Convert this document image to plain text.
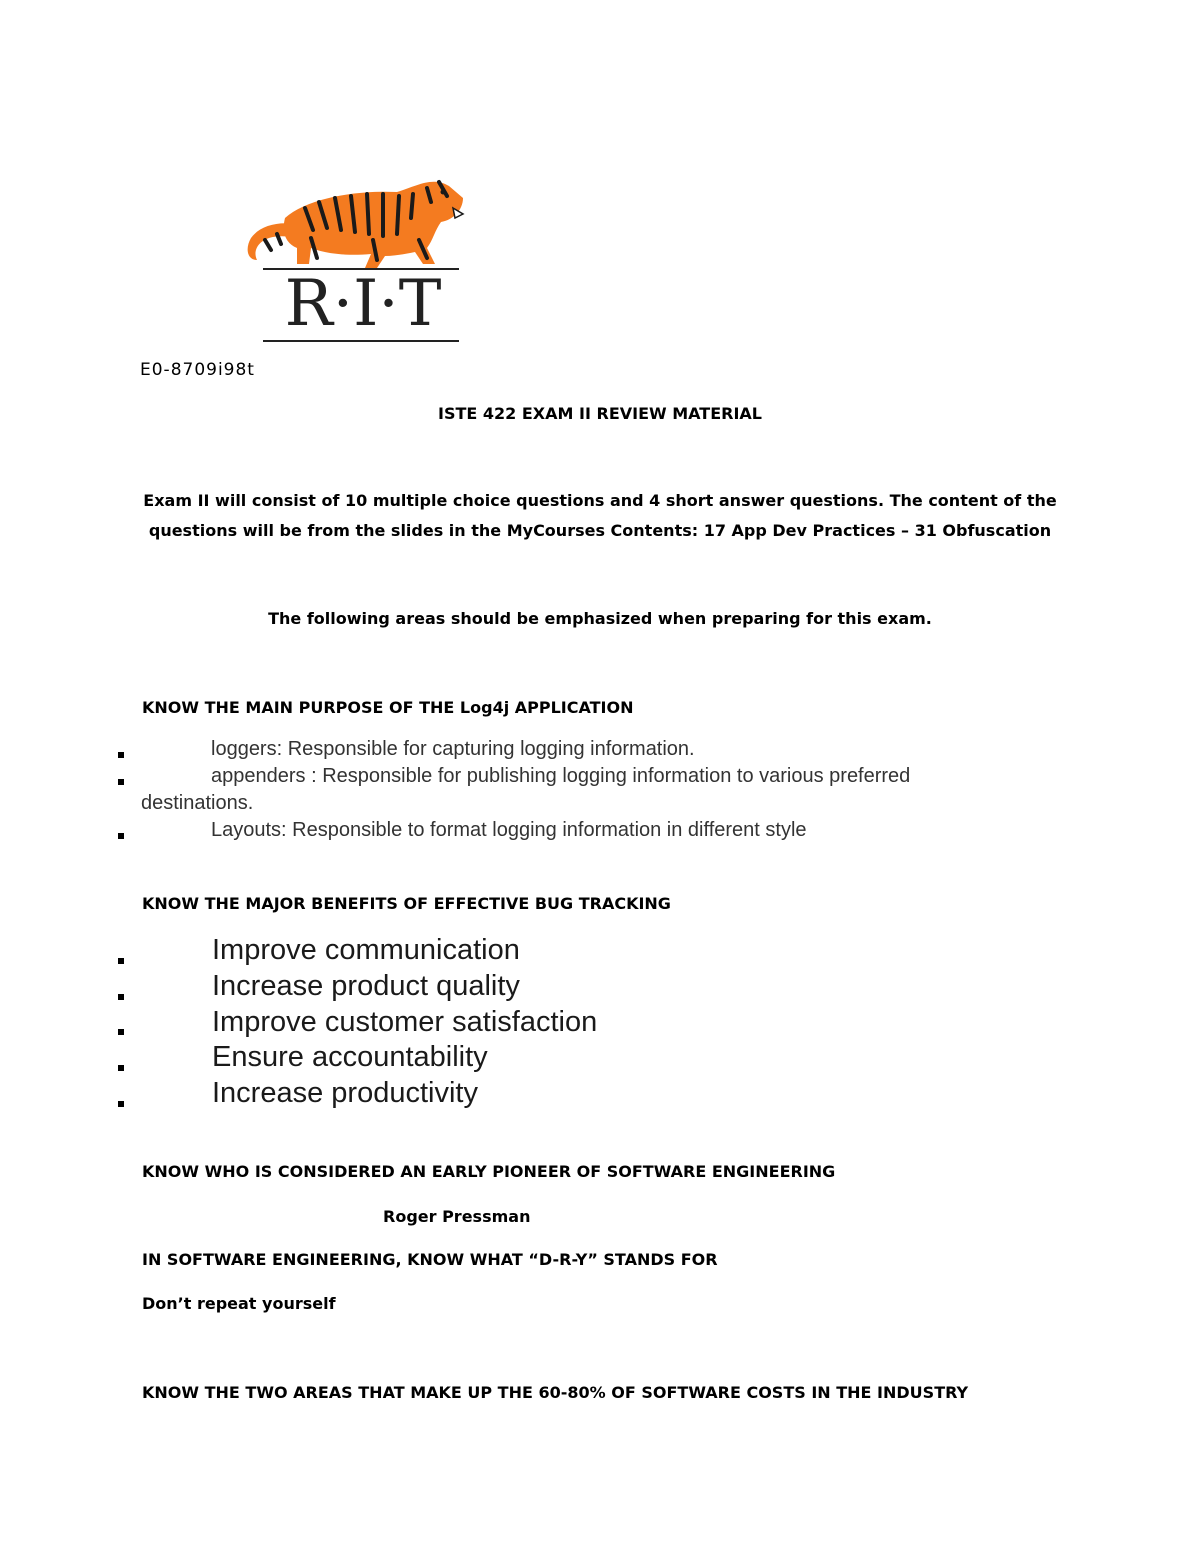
R·I·T
E0-8709i98t
ISTE 422 EXAM II REVIEW MATERIAL
Exam II will consist of 10 multiple choice questions and 4 short answer questions. The content of the
questions will be from the slides in the MyCourses Contents: 17 App Dev Practices – 31 Obfuscation
The following areas should be emphasized when preparing for this exam.
KNOW THE MAIN PURPOSE OF THE Log4j APPLICATION
loggers: Responsible for capturing logging information.
appenders : Responsible for publishing logging information to various preferred
destinations.
Layouts: Responsible to format logging information in different style
KNOW THE MAJOR BENEFITS OF EFFECTIVE BUG TRACKING
Improve communication
Increase product quality
Improve customer satisfaction
Ensure accountability
Increase productivity
KNOW WHO IS CONSIDERED AN EARLY PIONEER OF SOFTWARE ENGINEERING
Roger Pressman
IN SOFTWARE ENGINEERING, KNOW WHAT “D-R-Y” STANDS FOR
Don’t repeat yourself
KNOW THE TWO AREAS THAT MAKE UP THE 60-80% OF SOFTWARE COSTS IN THE INDUSTRY
